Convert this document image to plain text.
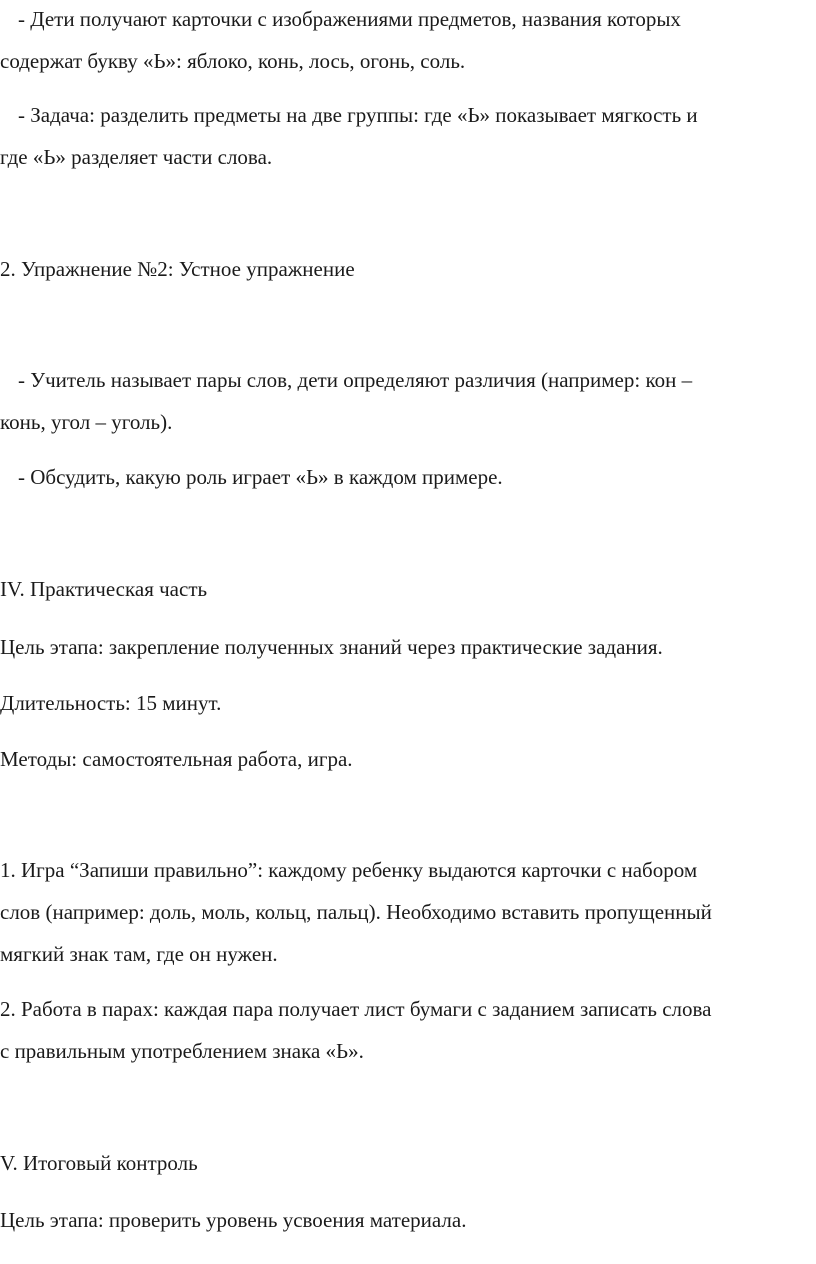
- Дети получают карточки с изображениями предметов, названия которых
содержат букву «Ь»: яблоко, конь, лось, огонь, соль.
- Задача: разделить предметы на две группы: где «Ь» показывает мягкость и
где «Ь» разделяет части слова.
2. Упражнение №2: Устное упражнение
- Учитель называет пары слов, дети определяют различия (например: кон –
конь, угол – уголь).
- Обсудить, какую роль играет «Ь» в каждом примере.
IV. Практическая часть
Цель этапа: закрепление полученных знаний через практические задания.
Длительность: 15 минут.
Методы: самостоятельная работа, игра.
1. Игра “Запиши правильно”: каждому ребенку выдаются карточки с набором
слов (например: доль, моль, кольц, пальц). Необходимо вставить пропущенный
мягкий знак там, где он нужен.
2. Работа в парах: каждая пара получает лист бумаги с заданием записать слова
с правильным употреблением знака «Ь».
V. Итоговый контроль
Цель этапа: проверить уровень усвоения материала.
